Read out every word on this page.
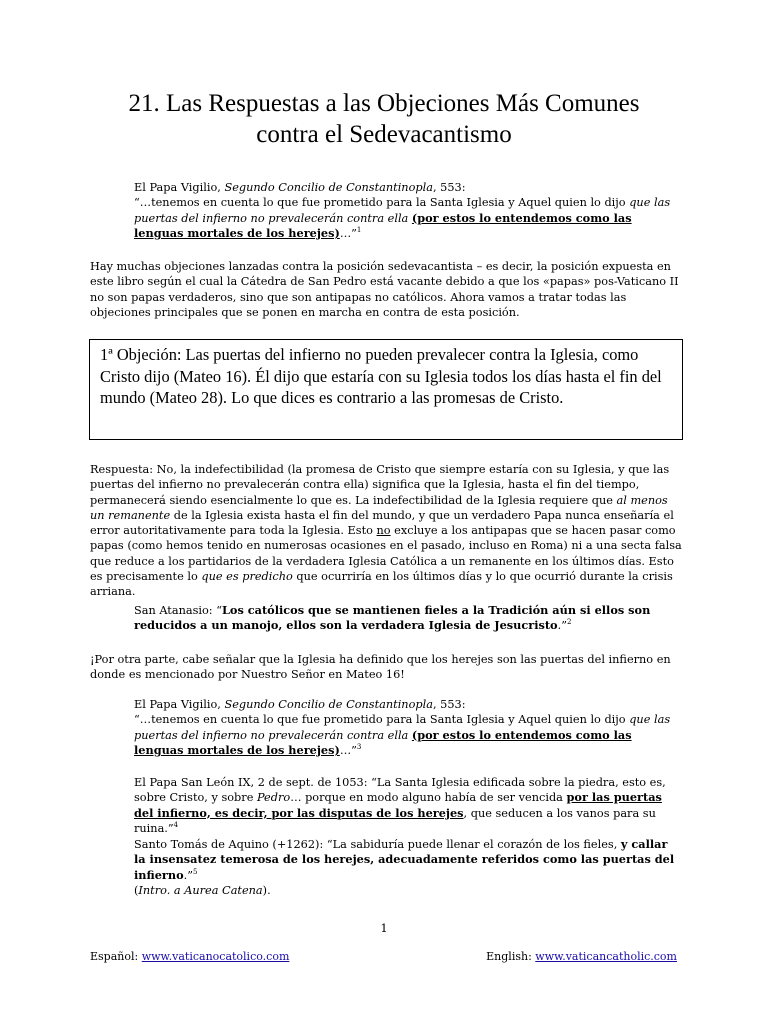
21. Las Respuestas a las Objeciones Más Comunes
contra el Sedevacantismo
El Papa Vigilio, Segundo Concilio de Constantinopla, 553:
“…tenemos en cuenta lo que fue prometido para la Santa Iglesia y Aquel quien lo dijo que las puertas del infierno no prevalecerán contra ella (por estos lo entendemos como las lenguas mortales de los herejes)…”$^1$
Hay muchas objeciones lanzadas contra la posición sedevacantista – es decir, la posición expuesta en este libro según el cual la Cátedra de San Pedro está vacante debido a que los «papas» pos-Vaticano II no son papas verdaderos, sino que son antipapas no católicos. Ahora vamos a tratar todas las objeciones principales que se ponen en marcha en contra de esta posición.
1ª Objeción: Las puertas del infierno no pueden prevalecer contra la Iglesia, como Cristo dijo (Mateo 16). Él dijo que estaría con su Iglesia todos los días hasta el fin del mundo (Mateo 28). Lo que dices es contrario a las promesas de Cristo.
Respuesta: No, la indefectibilidad (la promesa de Cristo que siempre estaría con su Iglesia, y que las puertas del infierno no prevalecerán contra ella) significa que la Iglesia, hasta el fin del tiempo, permanecerá siendo esencialmente lo que es. La indefectibilidad de la Iglesia requiere que al menos un remanente de la Iglesia exista hasta el fin del mundo, y que un verdadero Papa nunca enseñaría el error autoritativamente para toda la Iglesia. Esto no excluye a los antipapas que se hacen pasar como papas (como hemos tenido en numerosas ocasiones en el pasado, incluso en Roma) ni a una secta falsa que reduce a los partidarios de la verdadera Iglesia Católica a un remanente en los últimos días. Esto es precisamente lo que es predicho que ocurriría en los últimos días y lo que ocurrió durante la crisis arriana.
San Atanasio: “Los católicos que se mantienen fieles a la Tradición aún si ellos son reducidos a un manojo, ellos son la verdadera Iglesia de Jesucristo.”$^2$
¡Por otra parte, cabe señalar que la Iglesia ha definido que los herejes son las puertas del infierno en donde es mencionado por Nuestro Señor en Mateo 16!
El Papa Vigilio, Segundo Concilio de Constantinopla, 553:
“…tenemos en cuenta lo que fue prometido para la Santa Iglesia y Aquel quien lo dijo que las puertas del infierno no prevalecerán contra ella (por estos lo entendemos como las lenguas mortales de los herejes)…”$^3$
El Papa San León IX, 2 de sept. de 1053: “La Santa Iglesia edificada sobre la piedra, esto es, sobre Cristo, y sobre Pedro… porque en modo alguno había de ser vencida por las puertas del infierno, es decir, por las disputas de los herejes, que seducen a los vanos para su ruina.”$^4$
Santo Tomás de Aquino (+1262): “La sabiduría puede llenar el corazón de los fieles, y callar la insensatez temerosa de los herejes, adecuadamente referidos como las puertas del infierno.”$^5$
(Intro. a Aurea Catena).
1
Español: www.vaticanocatolico.com	English: www.vaticancatholic.com
